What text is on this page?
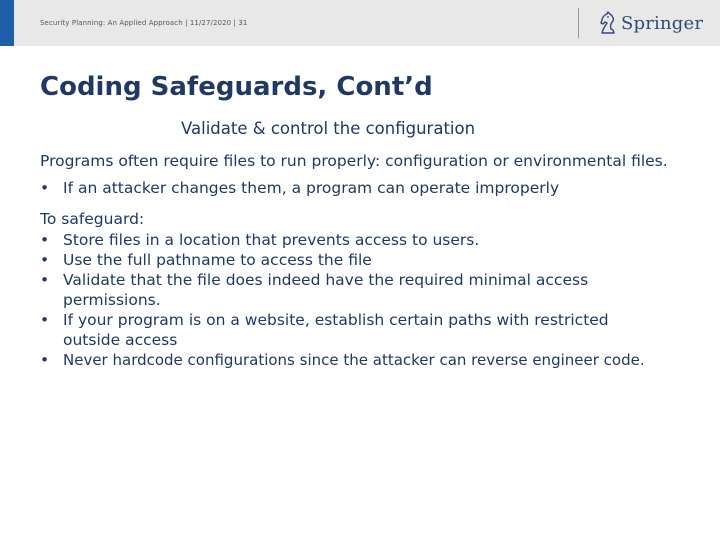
Security Planning: An Applied Approach | 11/27/2020 | 31	Springer
Coding Safeguards, Cont’d
Validate & control the configuration

Programs often require files to run properly: configuration or environmental files.

• If an attacker changes them, a program can operate improperly

To safeguard:

• Store files in a location that prevents access to users.
• Use the full pathname to access the file
• Validate that the file does indeed have the required minimal access permissions.
• If your program is on a website, establish certain paths with restricted outside access
• Never hardcode configurations since the attacker can reverse engineer code.
